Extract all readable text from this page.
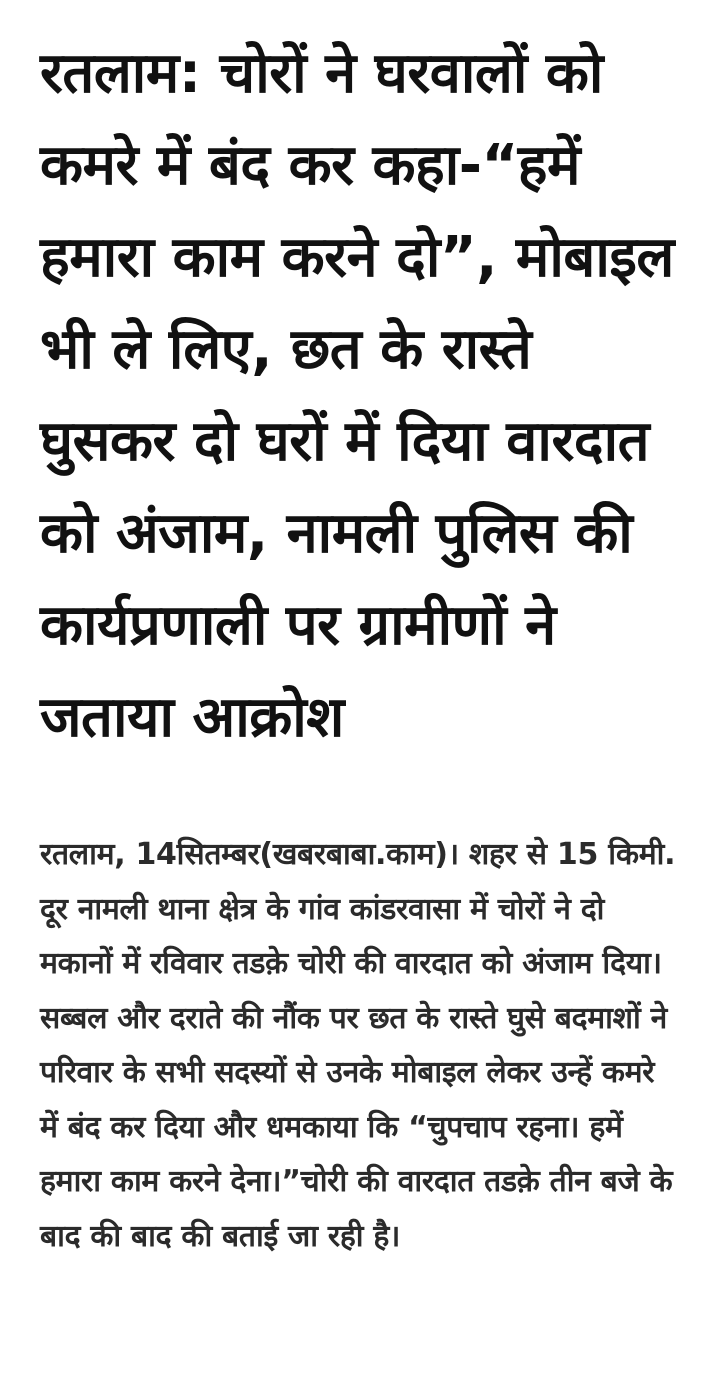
रतलाम: चोरों ने घरवालों को कमरे में बंद कर कहा-“हमें हमारा काम करने दो”, मोबाइल भी ले लिए, छत के रास्ते घुसकर दो घरों में दिया वारदात को अंजाम, नामली पुलिस की कार्यप्रणाली पर ग्रामीणों ने जताया आक्रोश

रतलाम, 14सितम्बर(खबरबाबा.काम)। शहर से 15 किमी. दूर नामली थाना क्षेत्र के गांव कांडरवासा में चोरों ने दो मकानों में रविवार तडक़े चोरी की वारदात को अंजाम दिया। सब्बल और दराते की नौंक पर छत के रास्ते घुसे बदमाशों ने परिवार के सभी सदस्यों से उनके मोबाइल लेकर उन्हें कमरे में बंद कर दिया और धमकाया कि “चुपचाप रहना। हमें हमारा काम करने देना।”चोरी की वारदात तडक़े तीन बजे के बाद की बाद की बताई जा रही है।
